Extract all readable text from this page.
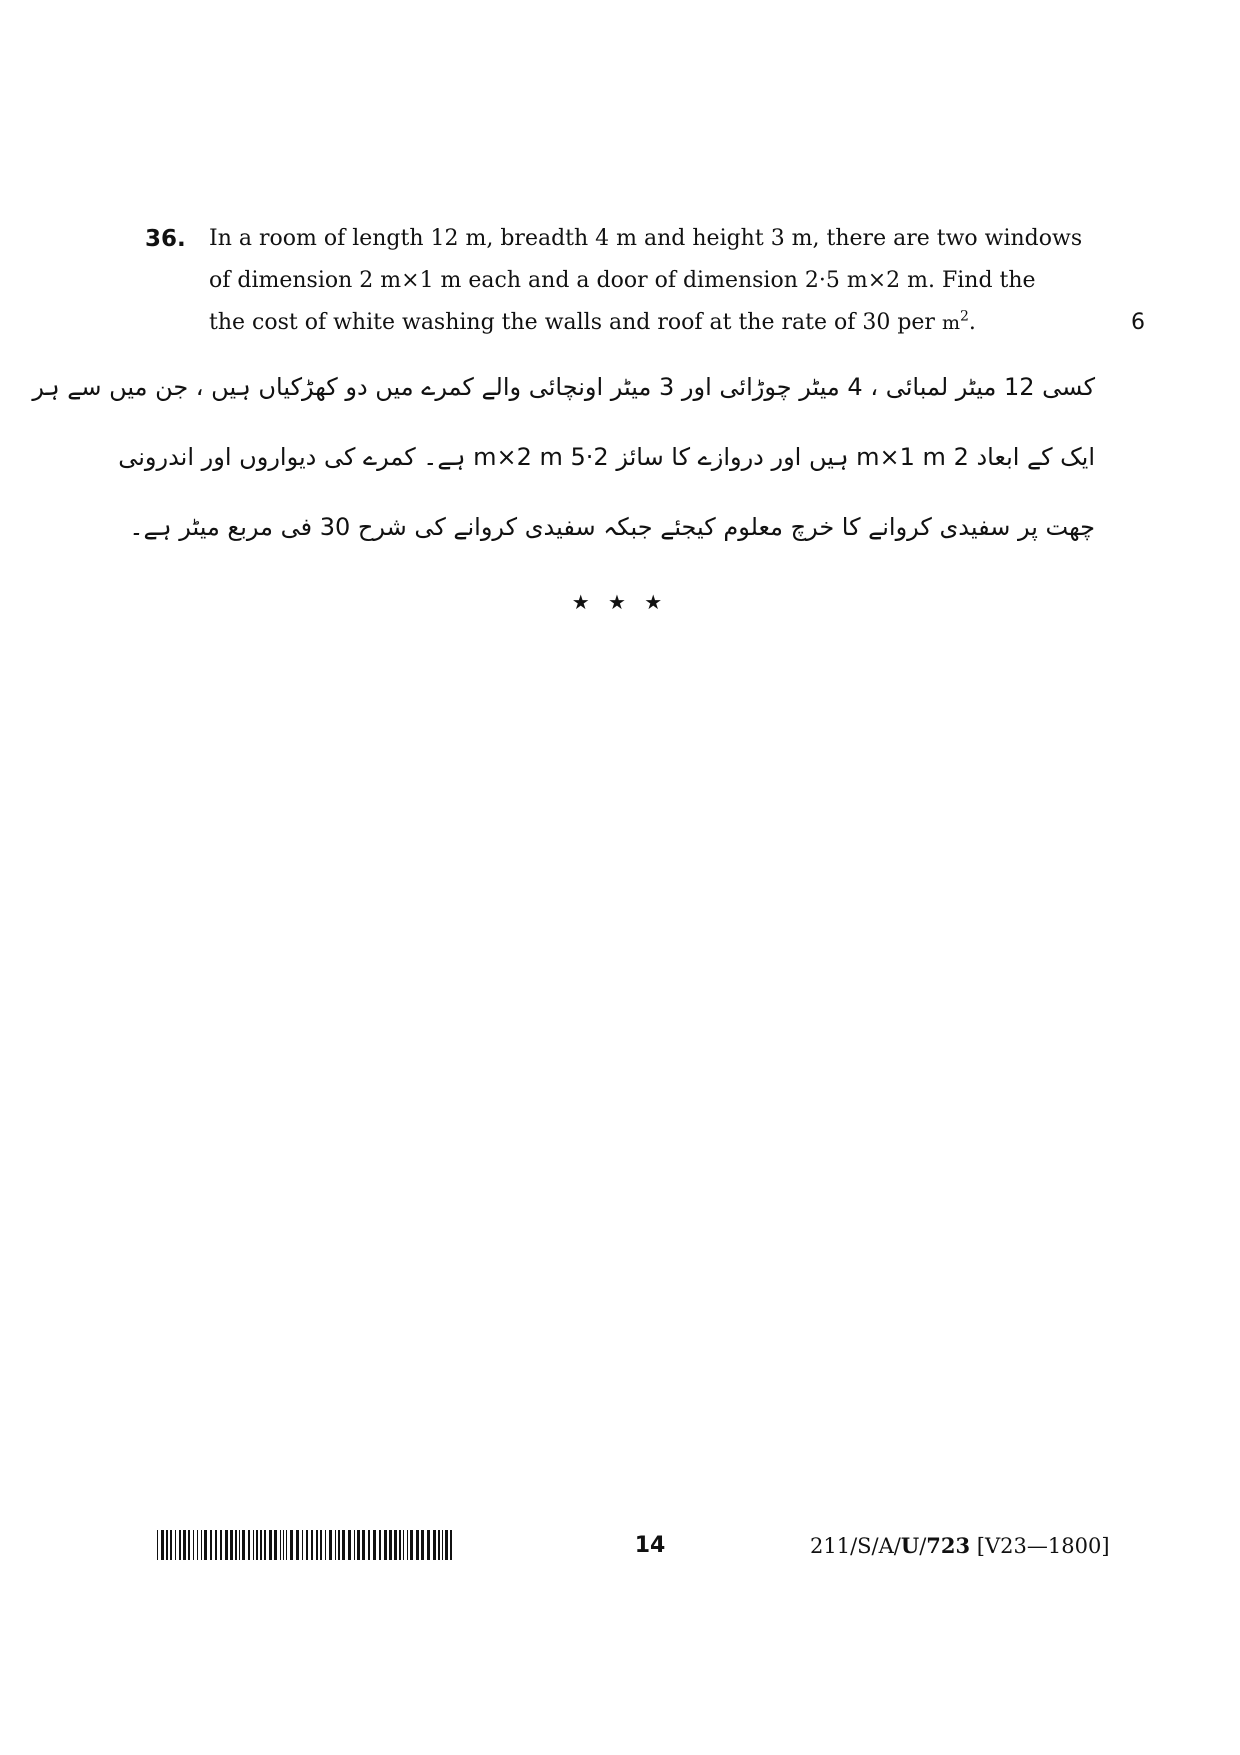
36. In a room of length 12 m, breadth 4 m and height 3 m, there are two windows
of dimension 2 m×1 m each and a door of dimension 2·5 m×2 m. Find the
the cost of white washing the walls and roof at the rate of 30 per $m^2$.	6
کسی 12 میٹر لمبائی ، 4 میٹر چوڑائی اور 3 میٹر اونچائی والے کمرے میں دو کھڑکیاں ہیں ، جن میں سے ہر
ایک کے ابعاد 2 m×1 m ہیں اور دروازے کا سائز 2·5 m×2 m ہے۔ کمرے کی دیواروں اور اندرونی
چھت پر سفیدی کروانے کا خرچ معلوم کیجئے جبکہ سفیدی کروانے کی شرح 30 فی مربع میٹر ہے۔
★ ★ ★
14	211/S/A/U/723 [V23—1800]
